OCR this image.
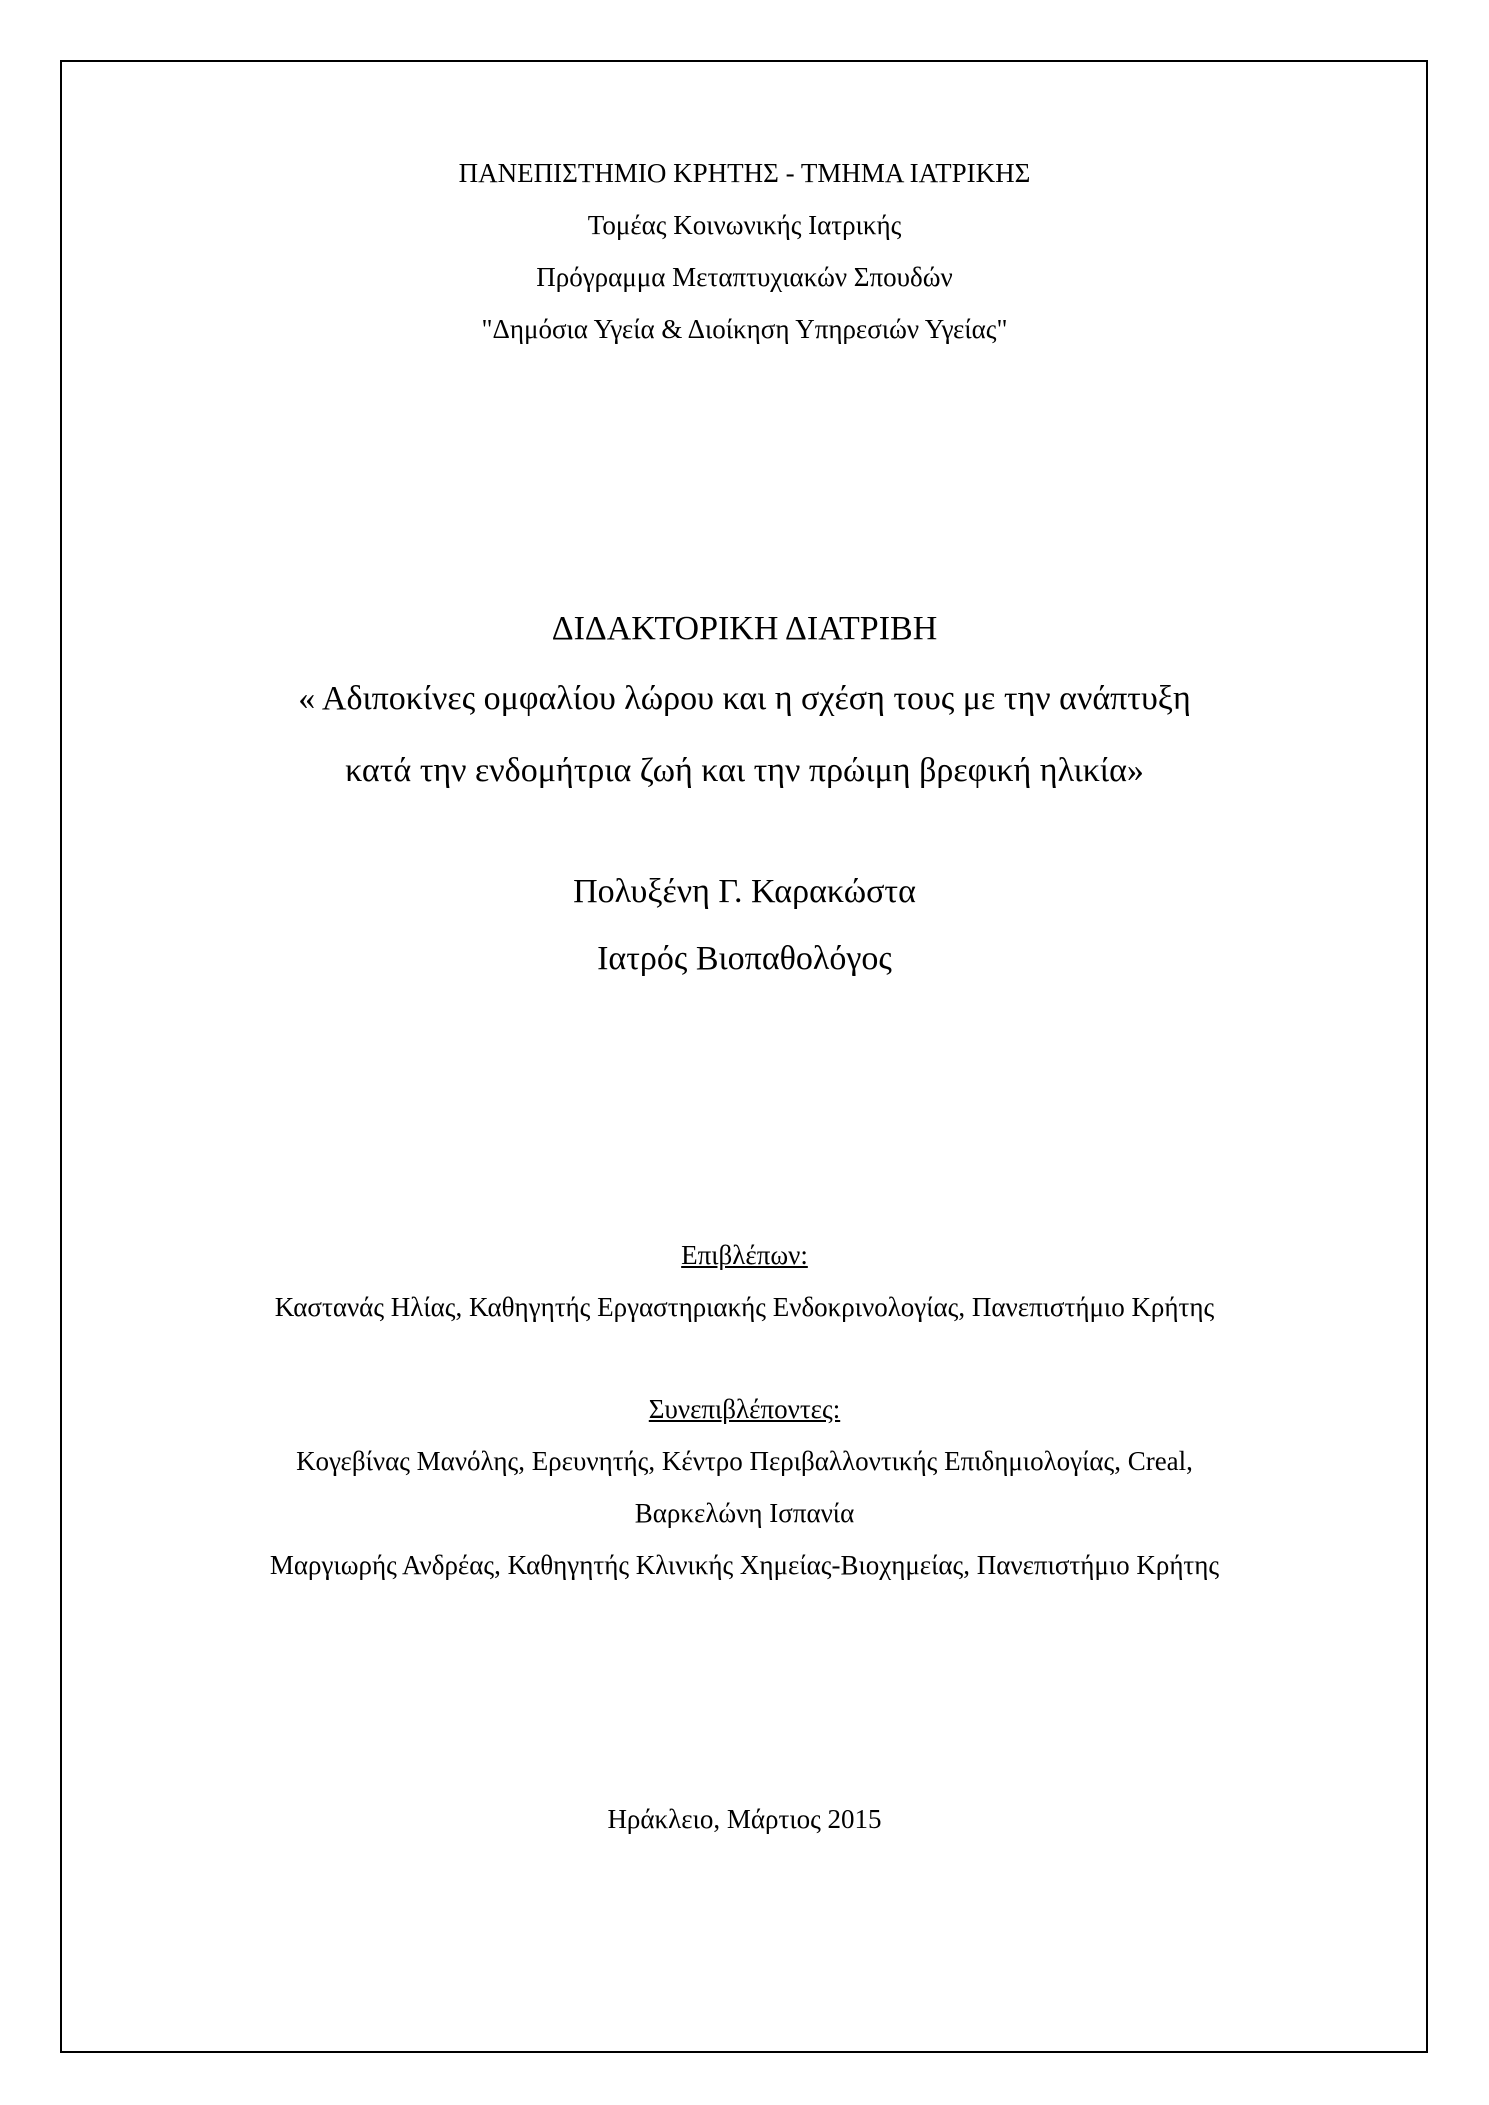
ΠΑΝΕΠΙΣΤΗΜΙΟ ΚΡΗΤΗΣ - ΤΜΗΜΑ ΙΑΤΡΙΚΗΣ
Τομέας Κοινωνικής Ιατρικής
Πρόγραμμα Μεταπτυχιακών Σπουδών
"Δημόσια Υγεία & Διοίκηση Υπηρεσιών Υγείας"
ΔΙΔΑΚΤΟΡΙΚΗ ΔΙΑΤΡΙΒΗ
« Αδιποκίνες ομφαλίου λώρου και η σχέση τους με την ανάπτυξη
κατά την ενδομήτρια ζωή και την πρώιμη βρεφική ηλικία»
Πολυξένη Γ. Καρακώστα
Ιατρός Βιοπαθολόγος
Επιβλέπων:
Καστανάς Ηλίας, Καθηγητής Εργαστηριακής Ενδοκρινολογίας, Πανεπιστήμιο Κρήτης
Συνεπιβλέποντες:
Κογεβίνας Μανόλης, Ερευνητής, Κέντρο Περιβαλλοντικής Επιδημιολογίας, Creal,
Βαρκελώνη Ισπανία
Μαργιωρής Ανδρέας, Καθηγητής Κλινικής Χημείας-Βιοχημείας, Πανεπιστήμιο Κρήτης
Ηράκλειο, Μάρτιος 2015
